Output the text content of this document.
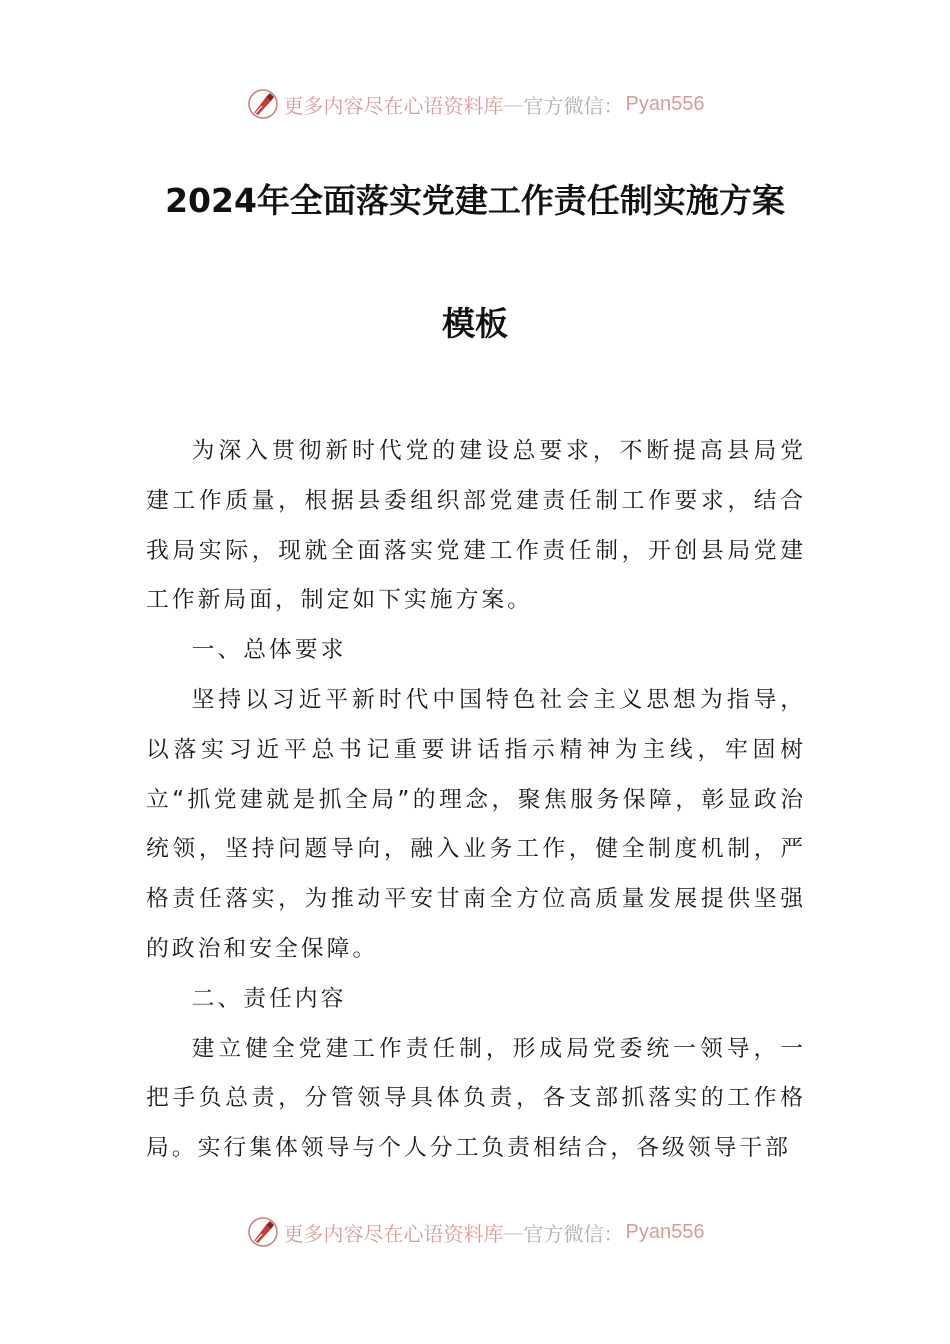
更多内容尽在心语资料库 — 官方微信： Pyan556
2024年全面落实党建工作责任制实施方案
模板

为深入贯彻新时代党的建设总要求，不断提高县局党建工作质量，根据县委组织部党建责任制工作要求，结合我局实际，现就全面落实党建工作责任制，开创县局党建工作新局面，制定如下实施方案。

一、总体要求

坚持以习近平新时代中国特色社会主义思想为指导，以落实习近平总书记重要讲话指示精神为主线，牢固树立“抓党建就是抓全局”的理念，聚焦服务保障，彰显政治统领，坚持问题导向，融入业务工作，健全制度机制，严格责任落实，为推动平安甘南全方位高质量发展提供坚强的政治和安全保障。

二、责任内容

建立健全党建工作责任制，形成局党委统一领导，一把手负总责，分管领导具体负责，各支部抓落实的工作格局。实行集体领导与个人分工负责相结合，各级领导干部

更多内容尽在心语资料库 — 官方微信： Pyan556
